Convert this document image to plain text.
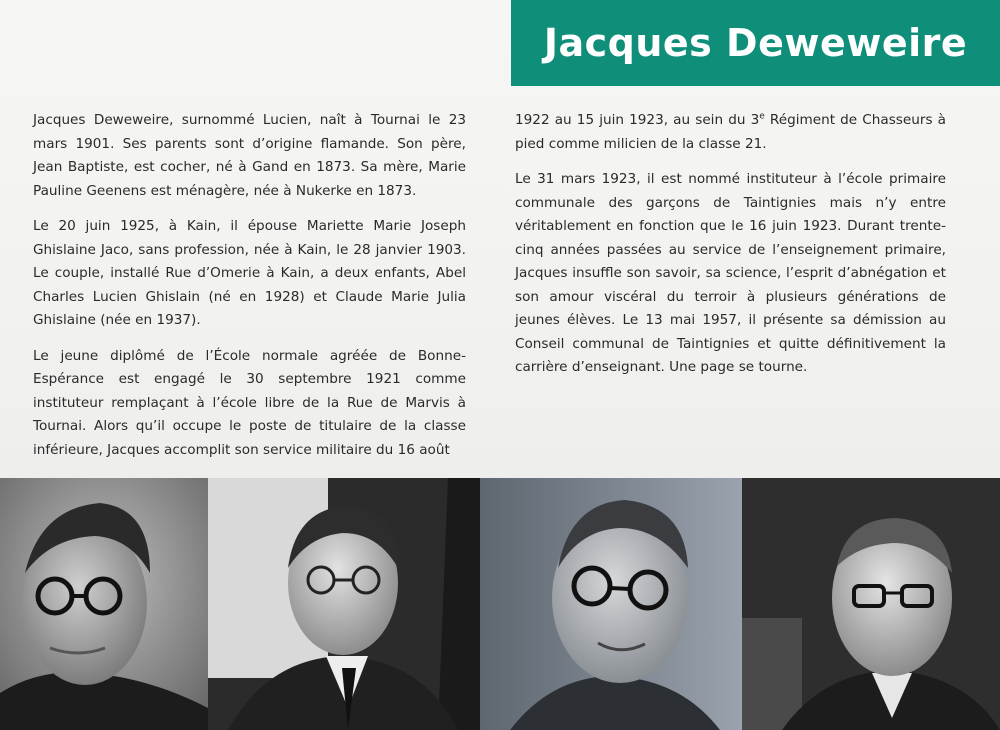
Jacques Deweweire

Jacques Deweweire, surnommé Lucien, naît à Tournai le 23 mars 1901. Ses parents sont d’origine flamande. Son père, Jean Baptiste, est cocher, né à Gand en 1873. Sa mère, Marie Pauline Geenens est ménagère, née à Nukerke en 1873.

Le 20 juin 1925, à Kain, il épouse Mariette Marie Joseph Ghislaine Jaco, sans profession, née à Kain, le 28 janvier 1903. Le couple, installé Rue d’Omerie à Kain, a deux enfants, Abel Charles Lucien Ghislain (né en 1928) et Claude Marie Julia Ghislaine (née en 1937).

Le jeune diplômé de l’École normale agréée de Bonne-Espérance est engagé le 30 septembre 1921 comme instituteur remplaçant à l’école libre de la Rue de Marvis à Tournai. Alors qu’il occupe le poste de titulaire de la classe inférieure, Jacques accomplit son service militaire du 16 août

1922 au 15 juin 1923, au sein du 3e Régiment de Chasseurs à pied comme milicien de la classe 21.

Le 31 mars 1923, il est nommé instituteur à l’école primaire communale des garçons de Taintignies mais n’y entre véritablement en fonction que le 16 juin 1923. Durant trente-cinq années passées au service de l’enseignement primaire, Jacques insuffle son savoir, sa science, l’esprit d’abnégation et son amour viscéral du terroir à plusieurs générations de jeunes élèves. Le 13 mai 1957, il présente sa démission au Conseil communal de Taintignies et quitte définitivement la carrière d’enseignant. Une page se tourne.
